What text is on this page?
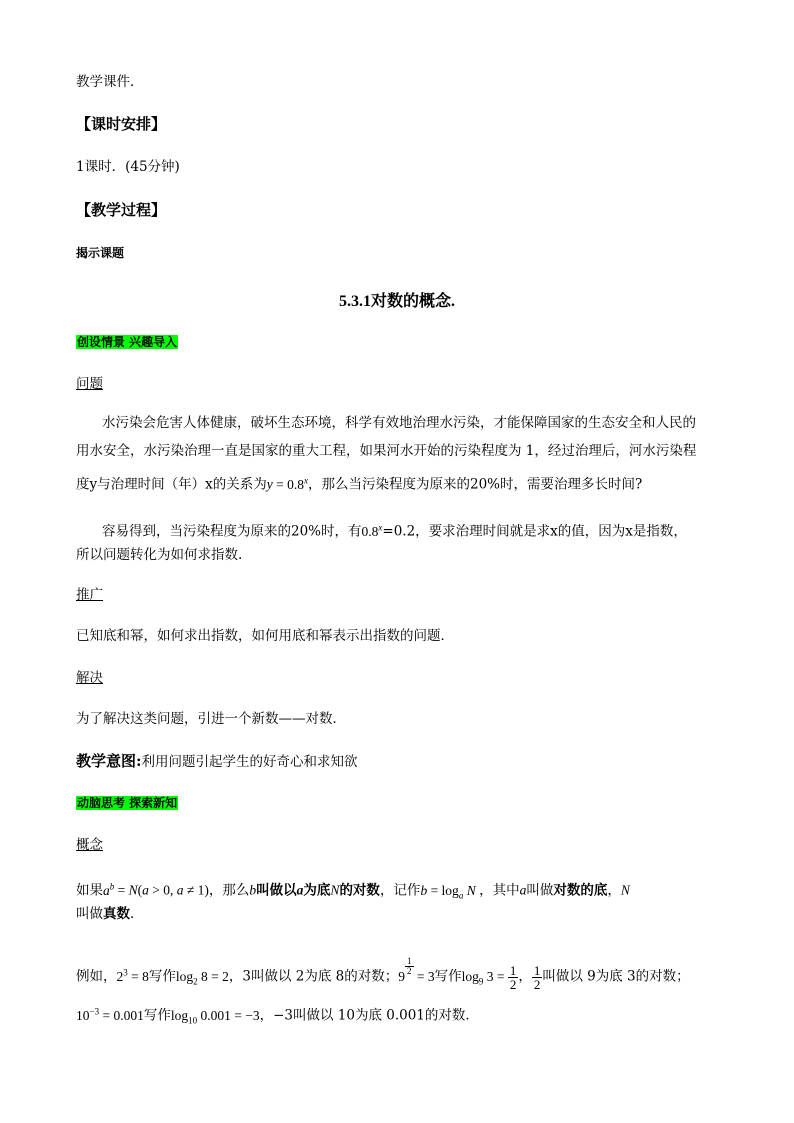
教学课件．
【课时安排】
1课时．(45分钟)
【教学过程】
揭示课题
5.3.1对数的概念.
创设情景 兴趣导入
问题
水污染会危害人体健康，破坏生态环境，科学有效地治理水污染，才能保障国家的生态安全和人民的
用水安全，水污染治理一直是国家的重大工程，如果河水开始的污染程度为 1，经过治理后，河水污染程
度y与治理时间（年）x的关系为$y = 0.8^x$，那么当污染程度为原来的20%时，需要治理多长时间?
容易得到，当污染程度为原来的20%时，有$0.8^x=0.2$，要求治理时间就是求x的值，因为x是指数，
所以问题转化为如何求指数.
推广
已知底和幂，如何求出指数，如何用底和幂表示出指数的问题．
解决
为了解决这类问题，引进一个新数——对数．
教学意图:利用问题引起学生的好奇心和求知欲
动脑思考 探索新知
概念
如果$a^b = N(a > 0$, a ≠ 1)，那么b叫做以a为底N的对数，记作$b = \log_a N$ ，其中a叫做对数的底，N
叫做真数．
例如，$2^3 = 8$写作$\log_2 8 = 2$，3叫做以 2为底 8的对数；9 $^{\frac{1}{2}}$ = 3写作$\log_9 3 = \frac{1}{2}$ ， $\frac{1}{2}$ 叫做以 9为底 3的对数；
$10^{-3} = 0.001$写作$\log_{10} 0.001 = -3$，−3叫做以 10为底 0.001的对数．
